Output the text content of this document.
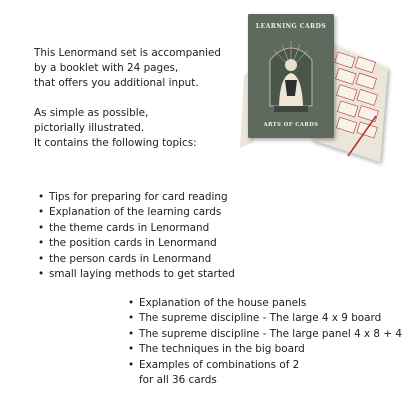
This Lenormand set is accompanied
by a booklet with 24 pages,
that offers you additional input.

As simple as possible,
pictorially illustrated.
It contains the following topics:

• Tips for preparing for card reading
• Explanation of the learning cards
• the theme cards in Lenormand
• the position cards in Lenormand
• the person cards in Lenormand
• small laying methods to get started
• Explanation of the house panels
• The supreme discipline - The large 4 x 9 board
• The supreme discipline - The large panel 4 x 8 + 4
• The techniques in the big board
• Examples of combinations of 2
for all 36 cards
LEARNING CARDS
ARTS OF CARDS
